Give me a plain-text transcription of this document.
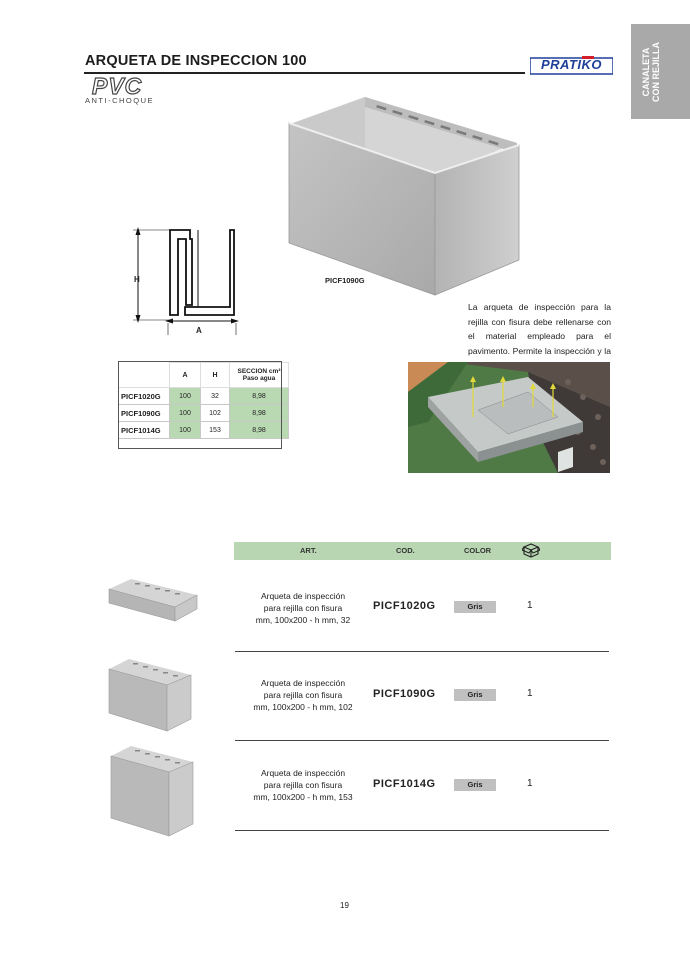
ARQUETA DE INSPECCION 100
PVC
ANTI-CHOQUE
PRATIKO	CANALETA CON REJILLA
PICF1090G
H
A
	A	H	SECCION cm²
Paso agua

PICF1020G	100	32	8,98
PICF1090G	100	102	8,98
PICF1014G	100	153	8,98
La arqueta de inspección para la rejilla con fisura debe rellenarse con el material empleado para el pavimento. Permite la inspección y la
ART.	COD.	COLOR
Arqueta de inspección
para rejilla con fisura
mm, 100x200 - h mm, 32
PICF1020G	Gris	1
Arqueta de inspección
para rejilla con fisura
mm, 100x200 - h mm, 102
PICF1090G	Gris	1
Arqueta de inspección
para rejilla con fisura
mm, 100x200 - h mm, 153
PICF1014G	Gris	1
19
